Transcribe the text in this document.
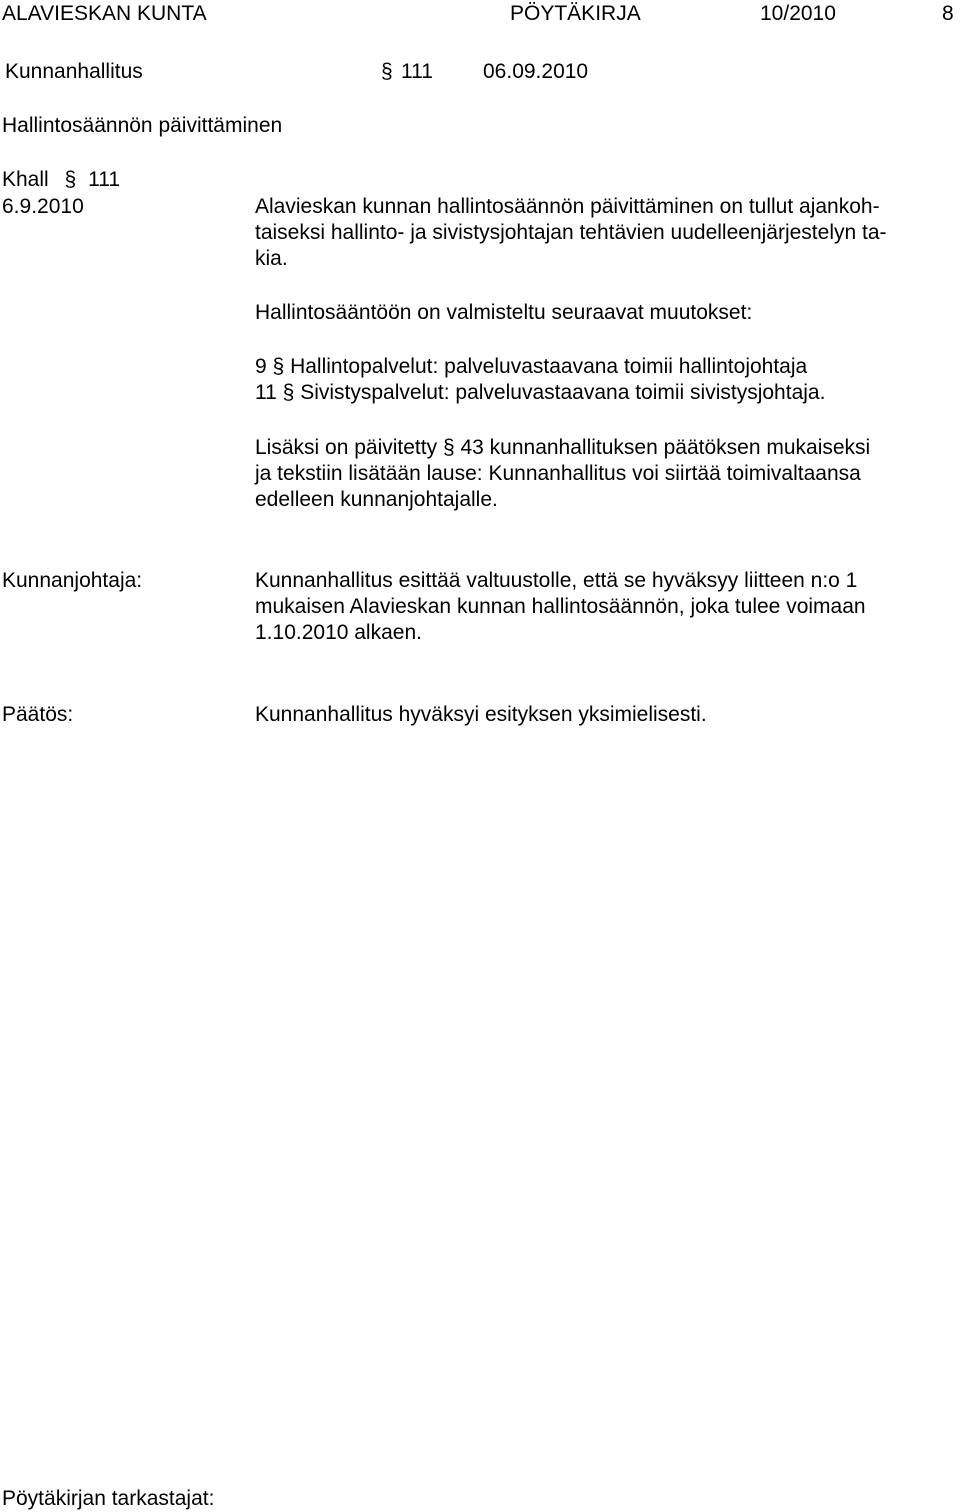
ALAVIESKAN KUNTA	PÖYTÄKIRJA	10/2010	8
Kunnanhallitus	§ 111 06.09.2010
Hallintosäännön päivittäminen
Khall § 111
6.9.2010	Alavieskan kunnan hallintosäännön päivittäminen on tullut ajankoh-

taiseksi hallinto- ja sivistysjohtajan tehtävien uudelleenjärjestelyn ta-

kia.

Hallintosääntöön on valmisteltu seuraavat muutokset:

9 § Hallintopalvelut: palveluvastaavana toimii hallintojohtaja

11 § Sivistyspalvelut: palveluvastaavana toimii sivistysjohtaja.

Lisäksi on päivitetty § 43 kunnanhallituksen päätöksen mukaiseksi

ja tekstiin lisätään lause: Kunnanhallitus voi siirtää toimivaltaansa

edelleen kunnanjohtajalle.

Kunnanjohtaja:	Kunnanhallitus esittää valtuustolle, että se hyväksyy liitteen n:o 1

mukaisen Alavieskan kunnan hallintosäännön, joka tulee voimaan

1.10.2010 alkaen.

Päätös:	Kunnanhallitus hyväksyi esityksen yksimielisesti.

Pöytäkirjan tarkastajat:
